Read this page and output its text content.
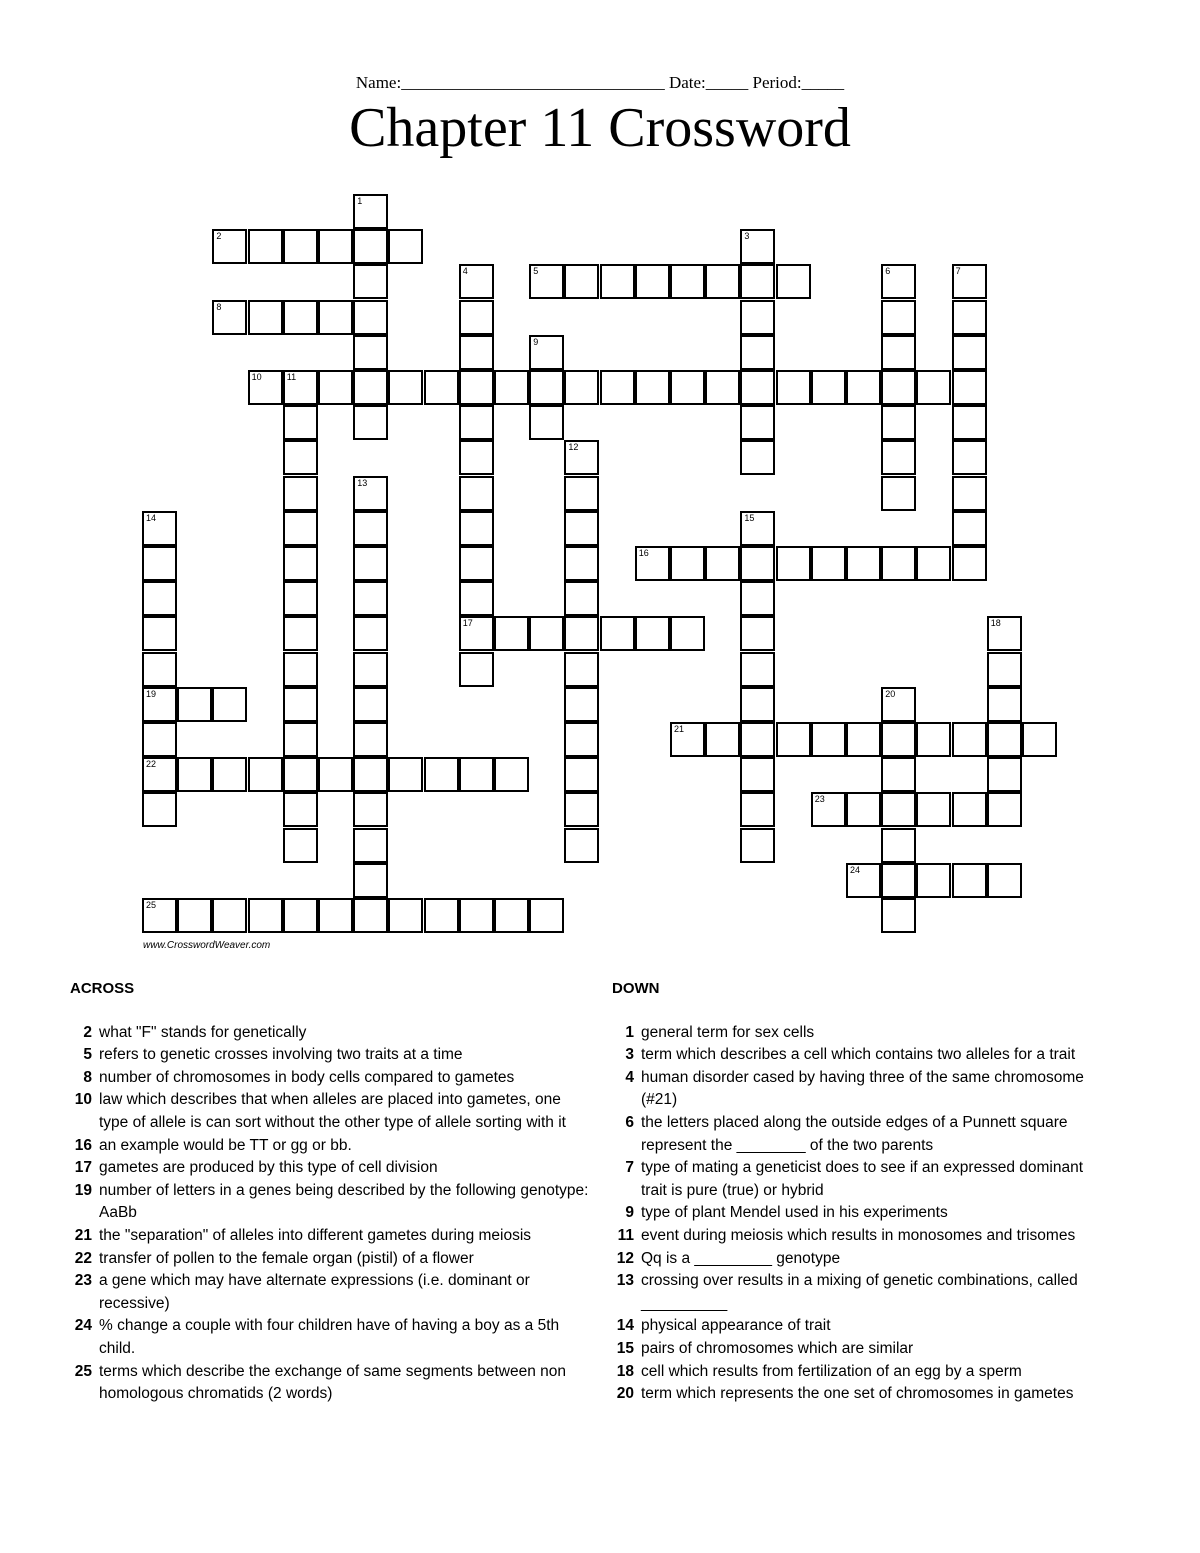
Name:_______________________________ Date:_____ Period:_____
Chapter 11 Crossword
1
2	3
4
17
5	6	7
8
9
10	11
12
13
14
19
22
15
16
18
20
21
23
24
25
www.CrosswordWeaver.com
ACROSS
2 what "F" stands for genetically
5 refers to genetic crosses involving two traits at a time
8 number of chromosomes in body cells compared to gametes
10 law which describes that when alleles are placed into gametes, one type of allele is can sort without the other type of allele sorting with it
16 an example would be TT or gg or bb.
17 gametes are produced by this type of cell division
19 number of letters in a genes being described by the following genotype: AaBb
21 the "separation" of alleles into different gametes during meiosis
22 transfer of pollen to the female organ (pistil) of a flower
23 a gene which may have alternate expressions (i.e. dominant or recessive)
24 % change a couple with four children have of having a boy as a 5th child.
25 terms which describe the exchange of same segments between non homologous chromatids (2 words)
DOWN
1 general term for sex cells
3 term which describes a cell which contains two alleles for a trait
4 human disorder cased by having three of the same chromosome (#21)
6 the letters placed along the outside edges of a Punnett square represent the ________ of the two parents
7 type of mating a geneticist does to see if an expressed dominant trait is pure (true) or hybrid
9 type of plant Mendel used in his experiments
11 event during meiosis which results in monosomes and trisomes
12 Qq is a _________ genotype
13 crossing over results in a mixing of genetic combinations, called __________
14 physical appearance of trait
15 pairs of chromosomes which are similar
18 cell which results from fertilization of an egg by a sperm
20 term which represents the one set of chromosomes in gametes
